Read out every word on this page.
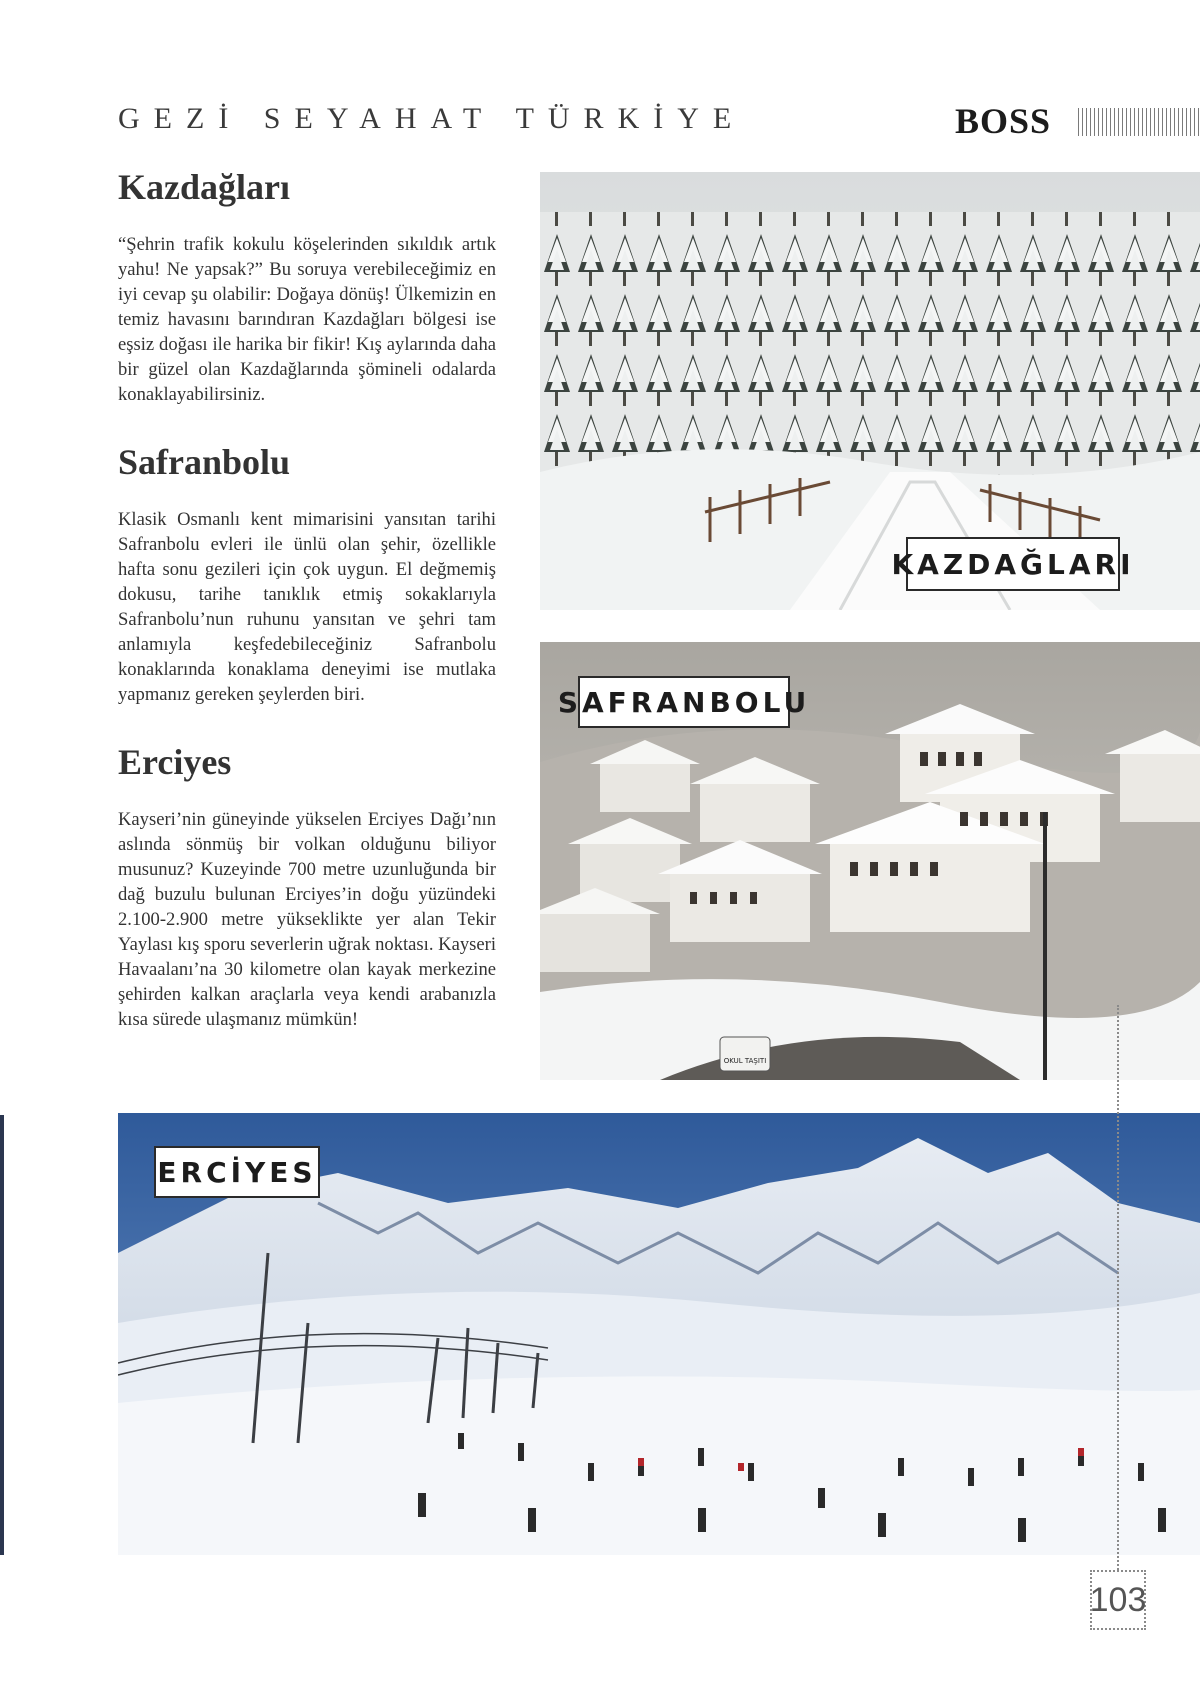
GEZİ SEYAHAT TÜRKİYE	BOSS
Kazdağları
“Şehrin trafik kokulu köşelerinden sıkıldık artık yahu! Ne yapsak?” Bu soruya verebileceğimiz en iyi cevap şu olabilir: Doğaya dönüş! Ülkemizin en temiz havasını barındıran Kazdağları bölgesi ise eşsiz doğası ile harika bir fikir! Kış aylarında daha bir güzel olan Kazdağlarında şömineli odalarda konaklayabilirsiniz.
Safranbolu
Klasik Osmanlı kent mimarisini yansıtan tarihi Safranbolu evleri ile ünlü olan şehir, özellikle hafta sonu gezileri için çok uygun. El değmemiş dokusu, tarihe tanıklık etmiş sokaklarıyla Safranbolu’nun ruhunu yansıtan ve şehri tam anlamıyla keşfedebileceğiniz Safranbolu konaklarında konaklama deneyimi ise mutlaka yapmanız gereken şeylerden biri.
Erciyes
Kayseri’nin güneyinde yükselen Erciyes Dağı’nın aslında sönmüş bir volkan olduğunu biliyor musunuz? Kuzeyinde 700 metre uzunluğunda bir dağ buzulu bulunan Erciyes’in doğu yüzündeki 2.100-2.900 metre yükseklikte yer alan Tekir Yaylası kış sporu severlerin uğrak noktası. Kayseri Havaalanı’na 30 kilometre olan kayak merkezine şehirden kalkan araçlarla veya kendi arabanızla kısa sürede ulaşmanız mümkün!
KAZDAĞLARI
OKUL TAŞITI
SAFRANBOLU
ERCİYES
103
